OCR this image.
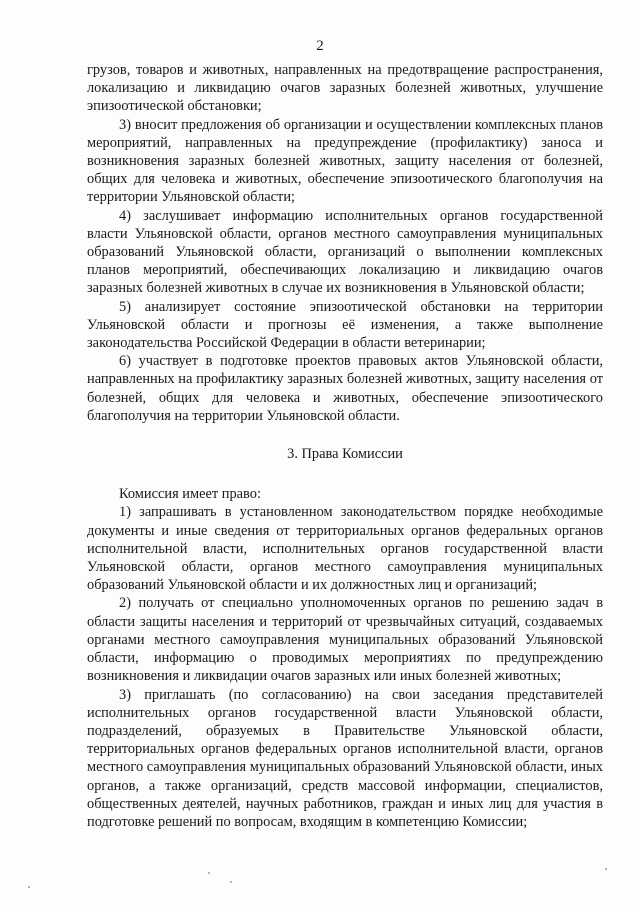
2

грузов, товаров и животных, направленных на предотвращение распространения, локализацию и ликвидацию очагов заразных болезней животных, улучшение эпизоотической обстановки;

3) вносит предложения об организации и осуществлении комплексных планов мероприятий, направленных на предупреждение (профилактику) заноса и возникновения заразных болезней животных, защиту населения от болезней, общих для человека и животных, обеспечение эпизоотического благополучия на территории Ульяновской области;

4) заслушивает информацию исполнительных органов государственной власти Ульяновской области, органов местного самоуправления муниципальных образований Ульяновской области, организаций о выполнении комплексных планов мероприятий, обеспечивающих локализацию и ликвидацию очагов заразных болезней животных в случае их возникновения в Ульяновской области;

5) анализирует состояние эпизоотической обстановки на территории Ульяновской области и прогнозы её изменения, а также выполнение законодательства Российской Федерации в области ветеринарии;

6) участвует в подготовке проектов правовых актов Ульяновской области, направленных на профилактику заразных болезней животных, защиту населения от болезней, общих для человека и животных, обеспечение эпизоотического благополучия на территории Ульяновской области.

3. Права Комиссии

Комиссия имеет право:

1) запрашивать в установленном законодательством порядке необходимые документы и иные сведения от территориальных органов федеральных органов исполнительной власти, исполнительных органов государственной власти Ульяновской области, органов местного самоуправления муниципальных образований Ульяновской области и их должностных лиц и организаций;

2) получать от специально уполномоченных органов по решению задач в области защиты населения и территорий от чрезвычайных ситуаций, создаваемых органами местного самоуправления муниципальных образований Ульяновской области, информацию о проводимых мероприятиях по предупреждению возникновения и ликвидации очагов заразных или иных болезней животных;

3) приглашать (по согласованию) на свои заседания представителей исполнительных органов государственной власти Ульяновской области, подразделений, образуемых в Правительстве Ульяновской области, территориальных органов федеральных органов исполнительной власти, органов местного самоуправления муниципальных образований Ульяновской области, иных органов, а также организаций, средств массовой информации, специалистов, общественных деятелей, научных работников, граждан и иных лиц для участия в подготовке решений по вопросам, входящим в компетенцию Комиссии;
